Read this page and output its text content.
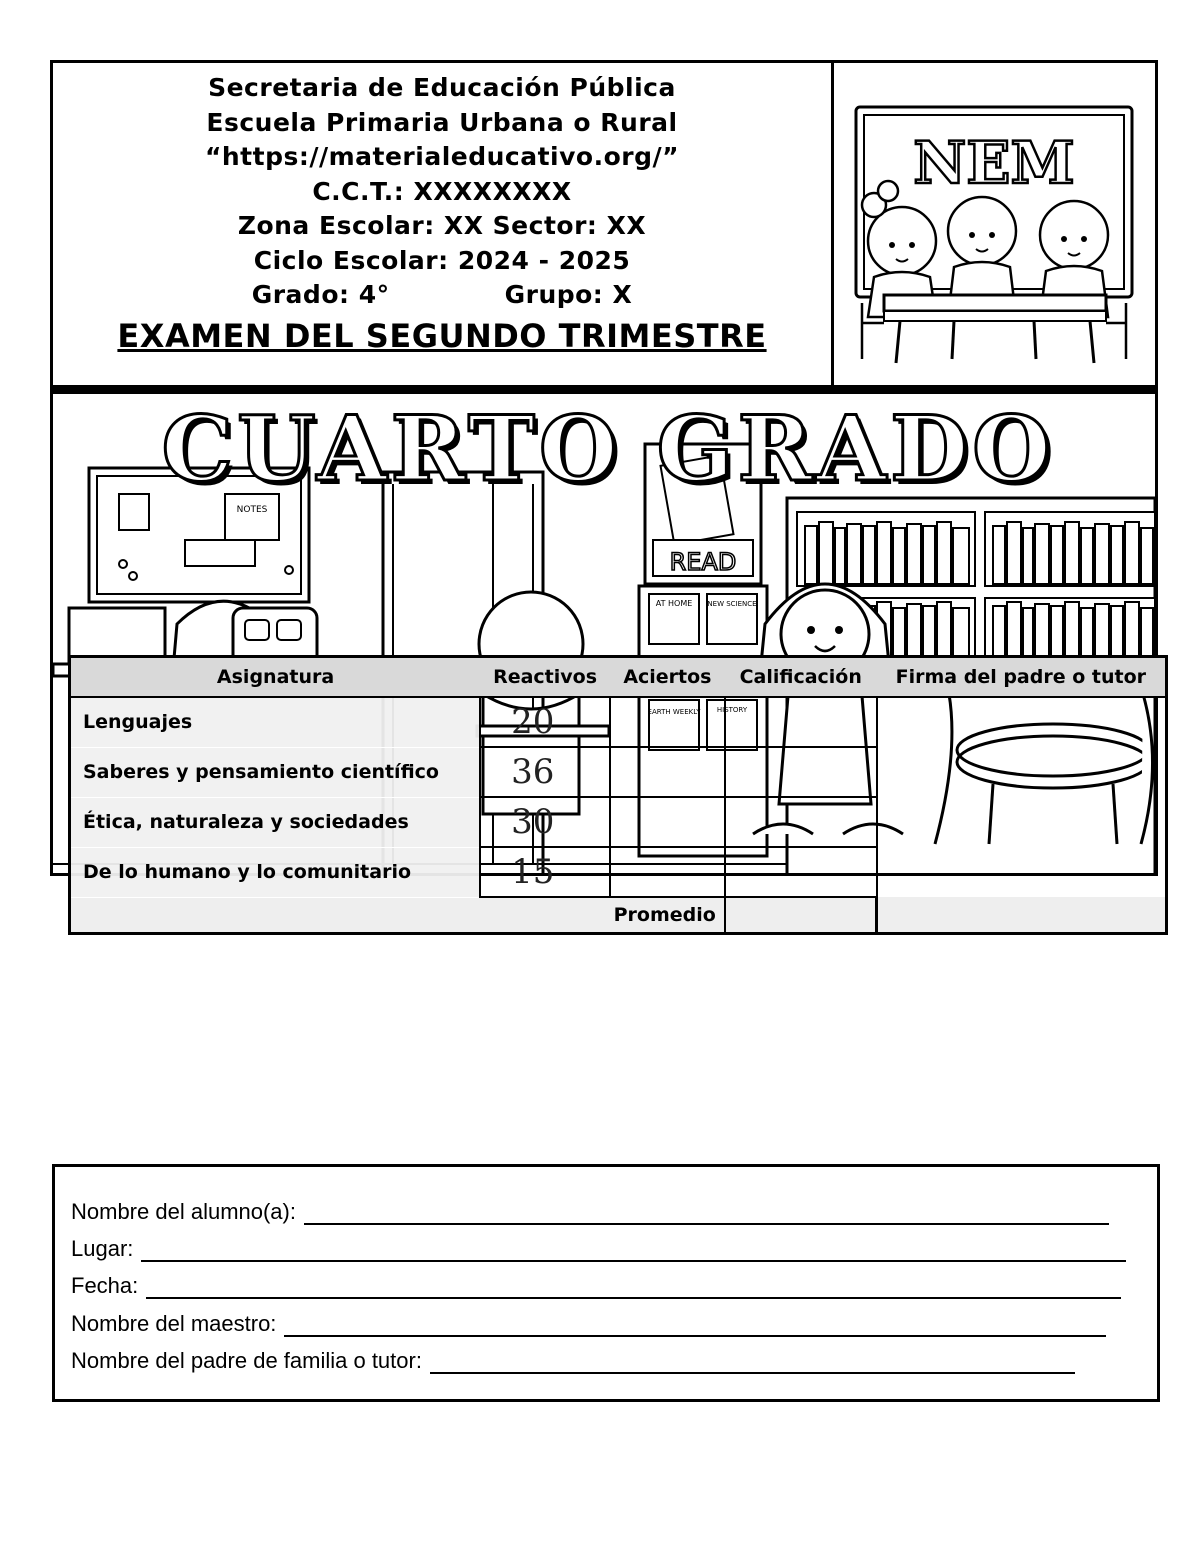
Secretaria de Educación Pública
Escuela Primaria Urbana o Rural
“https://materialeducativo.org/”
C.C.T.: XXXXXXXX
Zona Escolar: XX Sector: XX
Ciclo Escolar: 2024 - 2025
Grado: 4°	Grupo: X
EXAMEN DEL SEGUNDO TRIMESTRE
NEM
NOTES
READ
AT HOME NEW SCIENCE
EARTH WEEKLY HISTORY
CUARTO GRADO
Asignatura	Reactivos	Aciertos	Calificación	Firma del padre o tutor
Lenguajes	20			
Saberes y pensamiento científico	36			
Ética, naturaleza y sociedades	30			
De lo humano y lo comunitario	15			
Promedio				
Nombre del alumno(a):
Lugar:
Fecha:
Nombre del maestro:
Nombre del padre de familia o tutor:
